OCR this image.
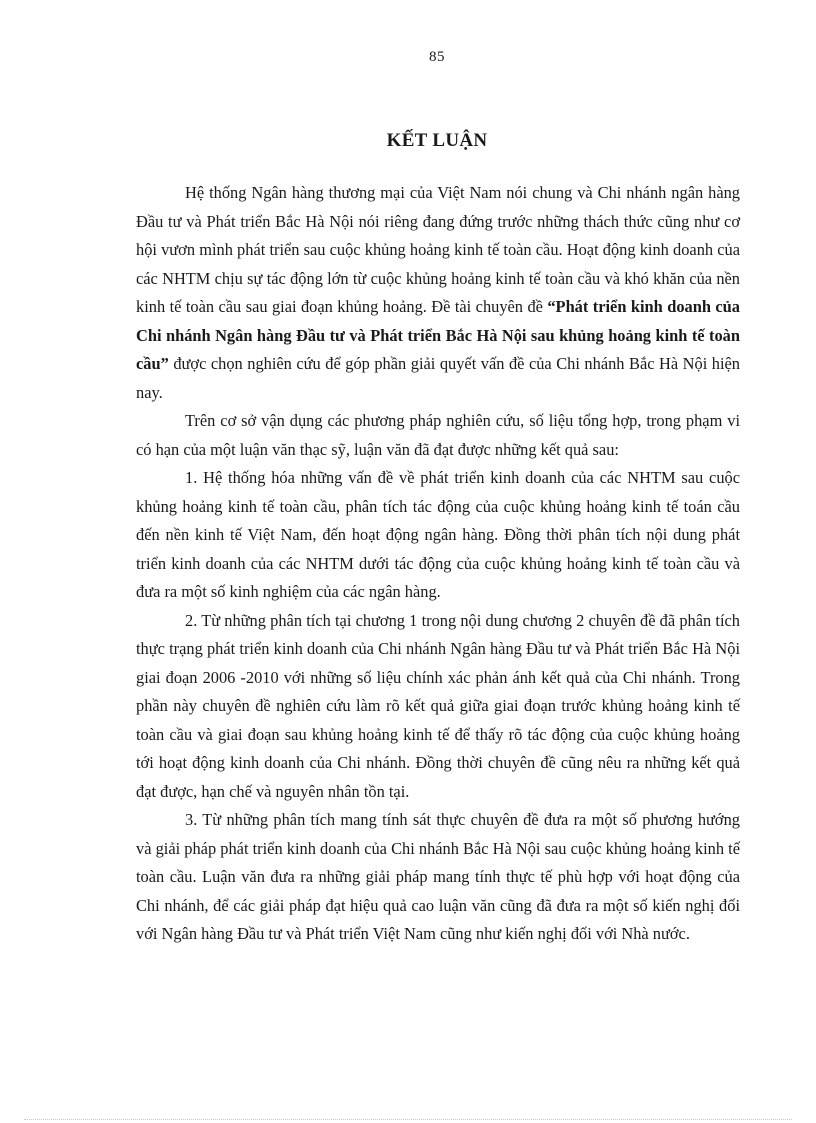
85
KẾT LUẬN

Hệ thống Ngân hàng thương mại của Việt Nam nói chung và Chi nhánh ngân hàng Đầu tư và Phát triển Bắc Hà Nội nói riêng đang đứng trước những thách thức cũng như cơ hội vươn mình phát triển sau cuộc khủng hoảng kinh tế toàn cầu. Hoạt động kinh doanh của các NHTM chịu sự tác động lớn từ cuộc khủng hoảng kinh tế toàn cầu và khó khăn của nền kinh tế toàn cầu sau giai đoạn khủng hoảng. Đề tài chuyên đề “Phát triển kinh doanh của Chi nhánh Ngân hàng Đầu tư và Phát triển Bắc Hà Nội sau khủng hoảng kinh tế toàn cầu” được chọn nghiên cứu để góp phần giải quyết vấn đề của Chi nhánh Bắc Hà Nội hiện nay.

Trên cơ sở vận dụng các phương pháp nghiên cứu, số liệu tổng hợp, trong phạm vi có hạn của một luận văn thạc sỹ, luận văn đã đạt được những kết quả sau:

1. Hệ thống hóa những vấn đề về phát triển kinh doanh của các NHTM sau cuộc khủng hoảng kinh tế toàn cầu, phân tích tác động của cuộc khủng hoảng kinh tế toán cầu đến nền kinh tế Việt Nam, đến hoạt động ngân hàng. Đồng thời phân tích nội dung phát triển kinh doanh của các NHTM dưới tác động của cuộc khủng hoảng kinh tế toàn cầu và đưa ra một số kinh nghiệm của các ngân hàng.

2. Từ những phân tích tại chương 1 trong nội dung chương 2 chuyên đề đã phân tích thực trạng phát triển kinh doanh của Chi nhánh Ngân hàng Đầu tư và Phát triển Bắc Hà Nội giai đoạn 2006 -2010 với những số liệu chính xác phản ánh kết quả của Chi nhánh. Trong phần này chuyên đề nghiên cứu làm rõ kết quả giữa giai đoạn trước khủng hoảng kinh tế toàn cầu và giai đoạn sau khủng hoảng kinh tế để thấy rõ tác động của cuộc khủng hoảng tới hoạt động kinh doanh của Chi nhánh. Đồng thời chuyên đề cũng nêu ra những kết quả đạt được, hạn chế và nguyên nhân tồn tại.

3. Từ những phân tích mang tính sát thực chuyên đề đưa ra một số phương hướng và giải pháp phát triển kinh doanh của Chi nhánh Bắc Hà Nội sau cuộc khủng hoảng kinh tế toàn cầu. Luận văn đưa ra những giải pháp mang tính thực tế phù hợp với hoạt động của Chi nhánh, để các giải pháp đạt hiệu quả cao luận văn cũng đã đưa ra một số kiến nghị đối với Ngân hàng Đầu tư và Phát triển Việt Nam cũng như kiến nghị đối với Nhà nước.
